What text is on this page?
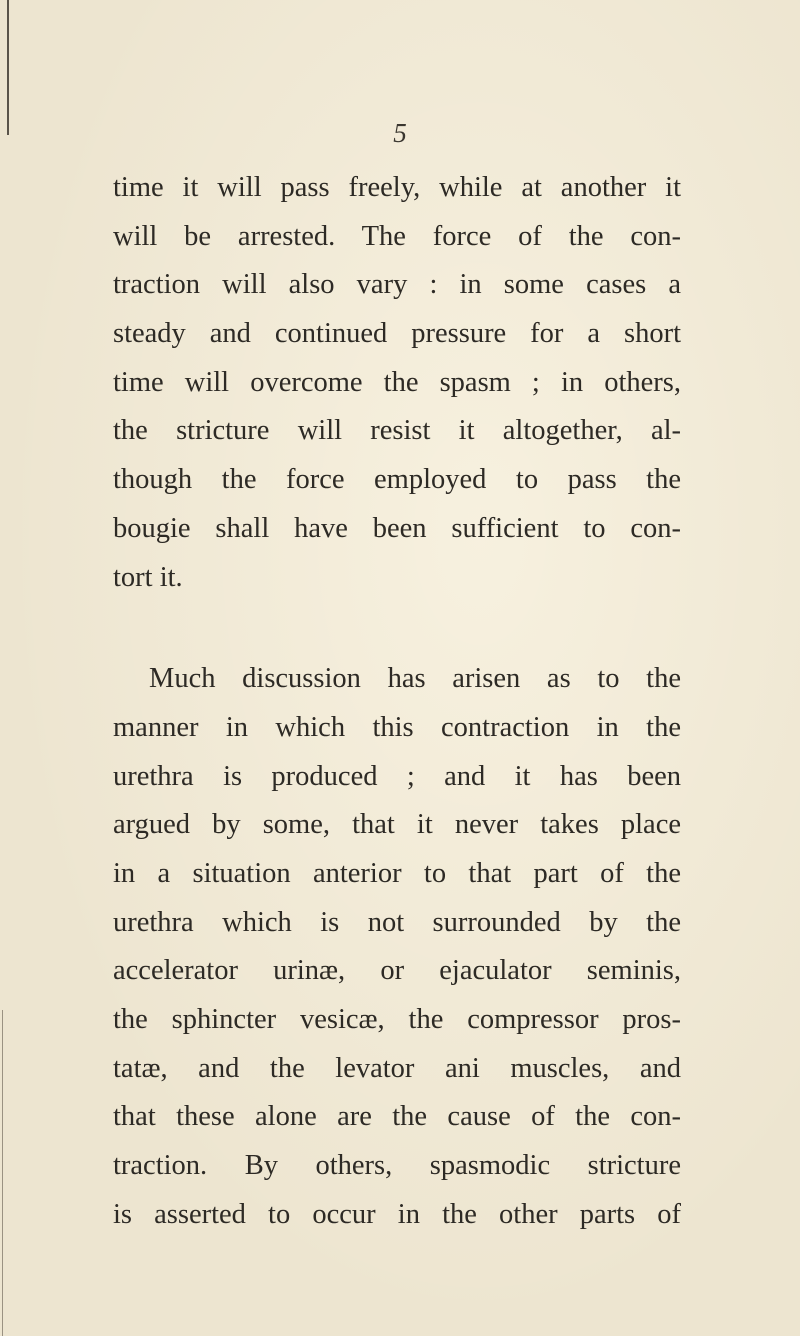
5
time it will pass freely, while at another it
will be arrested. The force of the con-
traction will also vary : in some cases a
steady and continued pressure for a short
time will overcome the spasm ; in others,
the stricture will resist it altogether, al-
though the force employed to pass the
bougie shall have been sufficient to con-
tort it.
Much discussion has arisen as to the
manner in which this contraction in the
urethra is produced ; and it has been
argued by some, that it never takes place
in a situation anterior to that part of the
urethra which is not surrounded by the
accelerator urinæ, or ejaculator seminis,
the sphincter vesicæ, the compressor pros-
tatæ, and the levator ani muscles, and
that these alone are the cause of the con-
traction. By others, spasmodic stricture
is asserted to occur in the other parts of
